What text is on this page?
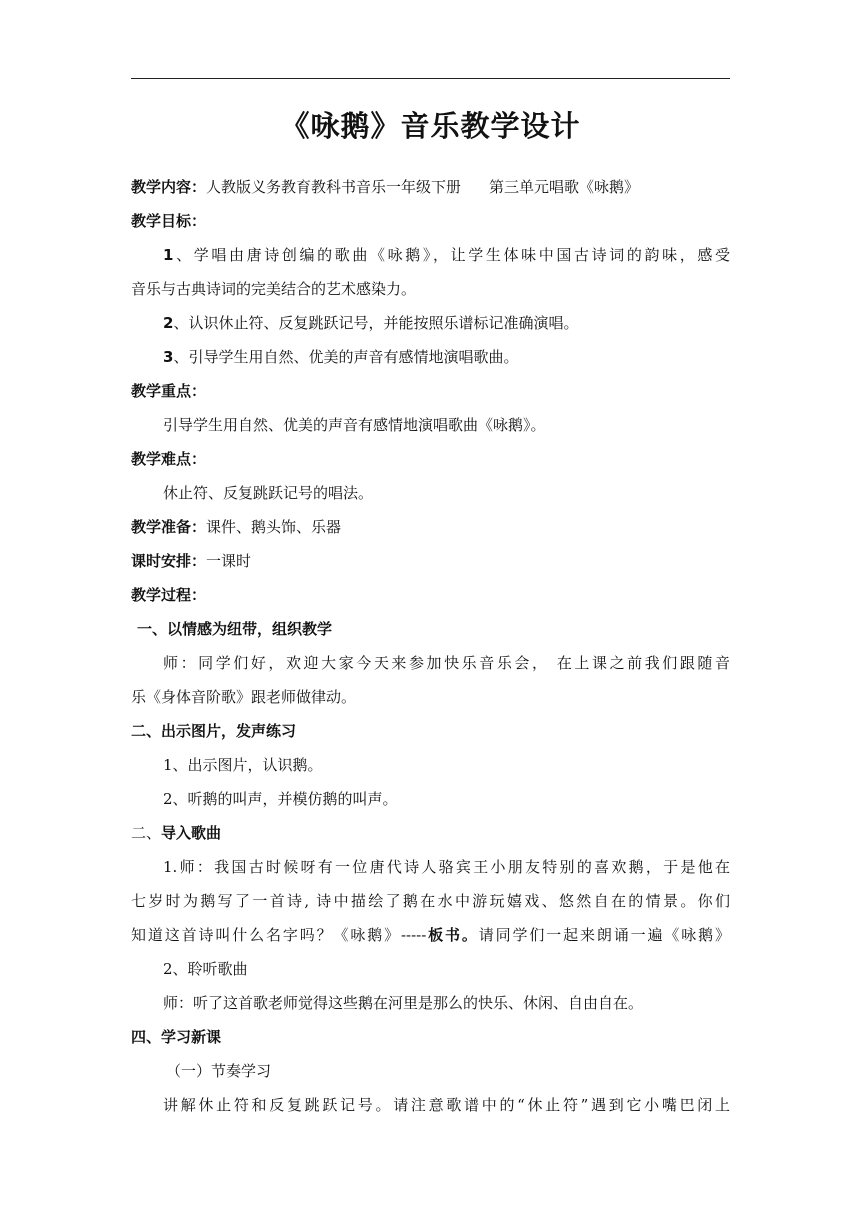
《咏鹅》音乐教学设计
教学内容：人教版义务教育教科书音乐一年级下册 第三单元唱歌《咏鹅》
教学目标：
1、学唱由唐诗创编的歌曲《咏鹅》，让学生体味中国古诗词的韵味，感受
音乐与古典诗词的完美结合的艺术感染力。
2、认识休止符、反复跳跃记号，并能按照乐谱标记准确演唱。
3、引导学生用自然、优美的声音有感情地演唱歌曲。
教学重点：
引导学生用自然、优美的声音有感情地演唱歌曲《咏鹅》。
教学难点：
休止符、反复跳跃记号的唱法。
教学准备：课件、鹅头饰、乐器
课时安排：一课时
教学过程：
一、以情感为纽带，组织教学
师：同学们好，欢迎大家今天来参加快乐音乐会， 在上课之前我们跟随音
乐《身体音阶歌》跟老师做律动。
二、出示图片，发声练习
1、出示图片，认识鹅。
2、听鹅的叫声，并模仿鹅的叫声。
二、导入歌曲
1.师：我国古时候呀有一位唐代诗人骆宾王小朋友特别的喜欢鹅，于是他在
七岁时为鹅写了一首诗, 诗中描绘了鹅在水中游玩嬉戏、悠然自在的情景。你们
知道这首诗叫什么名字吗？《咏鹅》-----板书。请同学们一起来朗诵一遍《咏鹅》
2、聆听歌曲
师：听了这首歌老师觉得这些鹅在河里是那么的快乐、休闲、自由自在。
四、学习新课
（一）节奏学习
讲解休止符和反复跳跃记号。请注意歌谱中的“休止符”遇到它小嘴巴闭上
